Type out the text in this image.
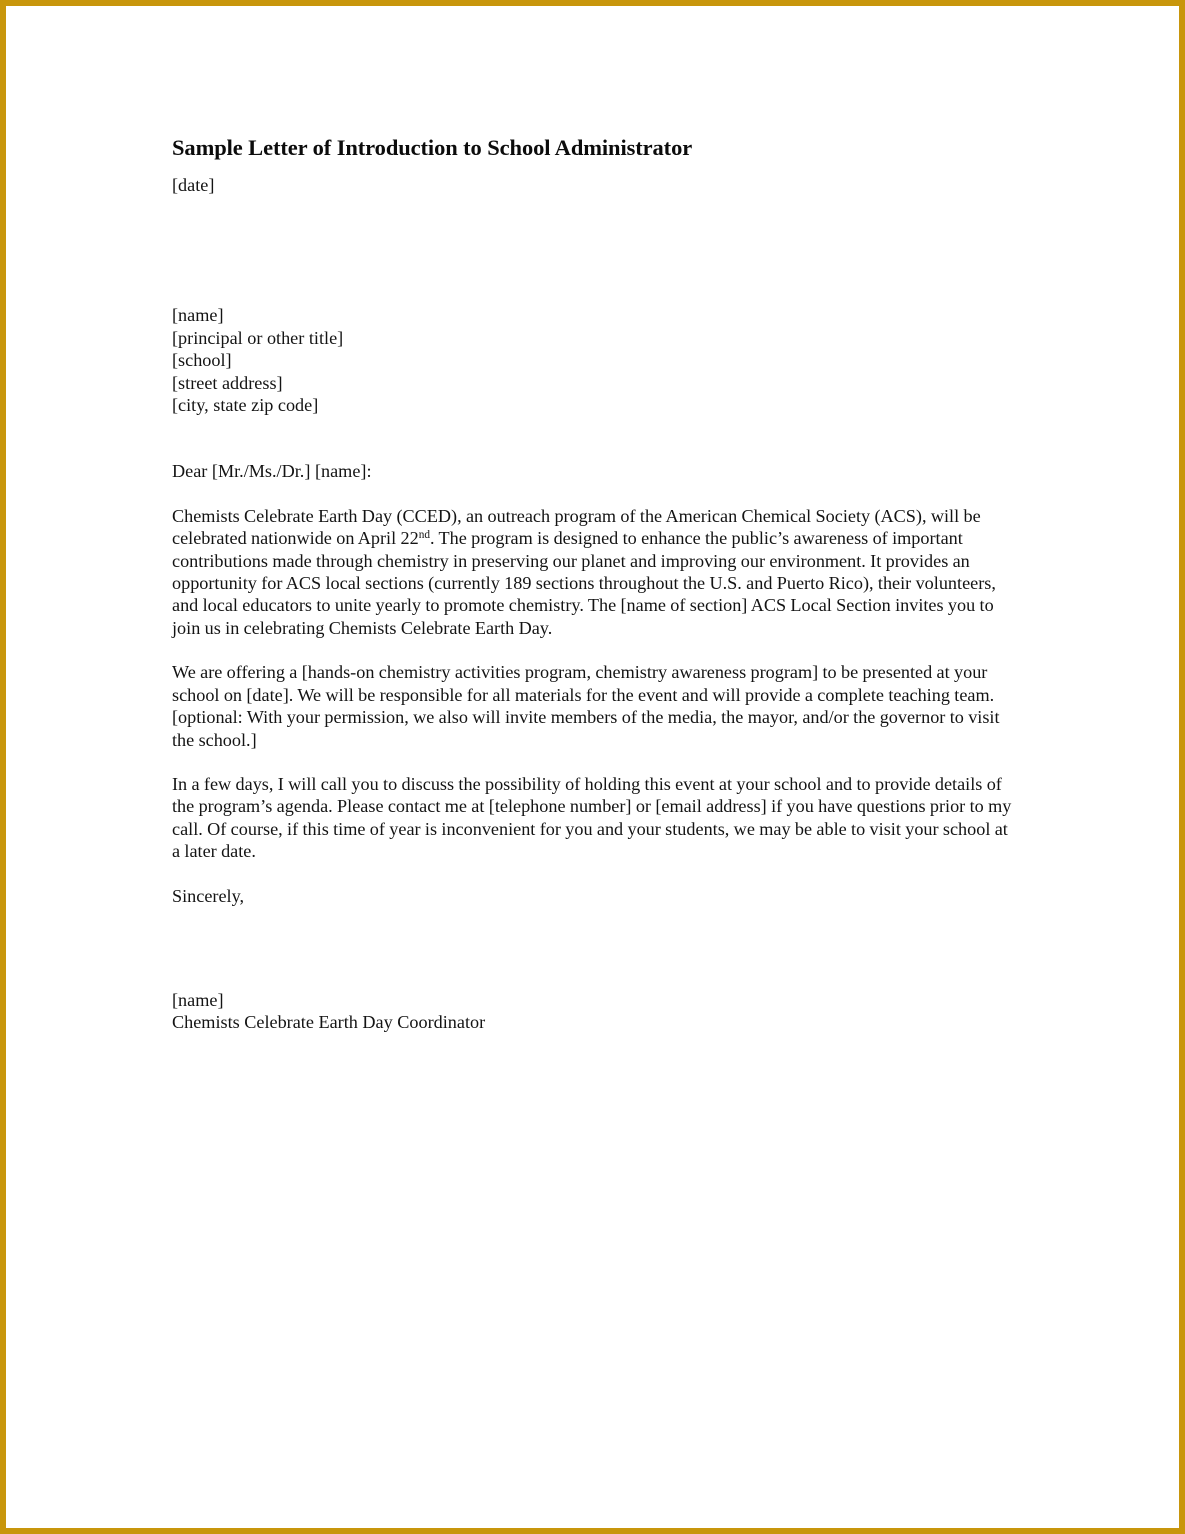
Sample Letter of Introduction to School Administrator

[date]

[name]

[principal or other title]

[school]

[street address]

[city, state zip code]

Dear [Mr./Ms./Dr.] [name]:

Chemists Celebrate Earth Day (CCED), an outreach program of the American Chemical Society (ACS), will be celebrated nationwide on April 22nd. The program is designed to enhance the public’s awareness of important contributions made through chemistry in preserving our planet and improving our environment. It provides an opportunity for ACS local sections (currently 189 sections throughout the U.S. and Puerto Rico), their volunteers, and local educators to unite yearly to promote chemistry. The [name of section] ACS Local Section invites you to join us in celebrating Chemists Celebrate Earth Day.

We are offering a [hands-on chemistry activities program, chemistry awareness program] to be presented at your school on [date]. We will be responsible for all materials for the event and will provide a complete teaching team. [optional: With your permission, we also will invite members of the media, the mayor, and/or the governor to visit the school.]

In a few days, I will call you to discuss the possibility of holding this event at your school and to provide details of the program’s agenda. Please contact me at [telephone number] or [email address] if you have questions prior to my call. Of course, if this time of year is inconvenient for you and your students, we may be able to visit your school at a later date.

Sincerely,

[name]

Chemists Celebrate Earth Day Coordinator
